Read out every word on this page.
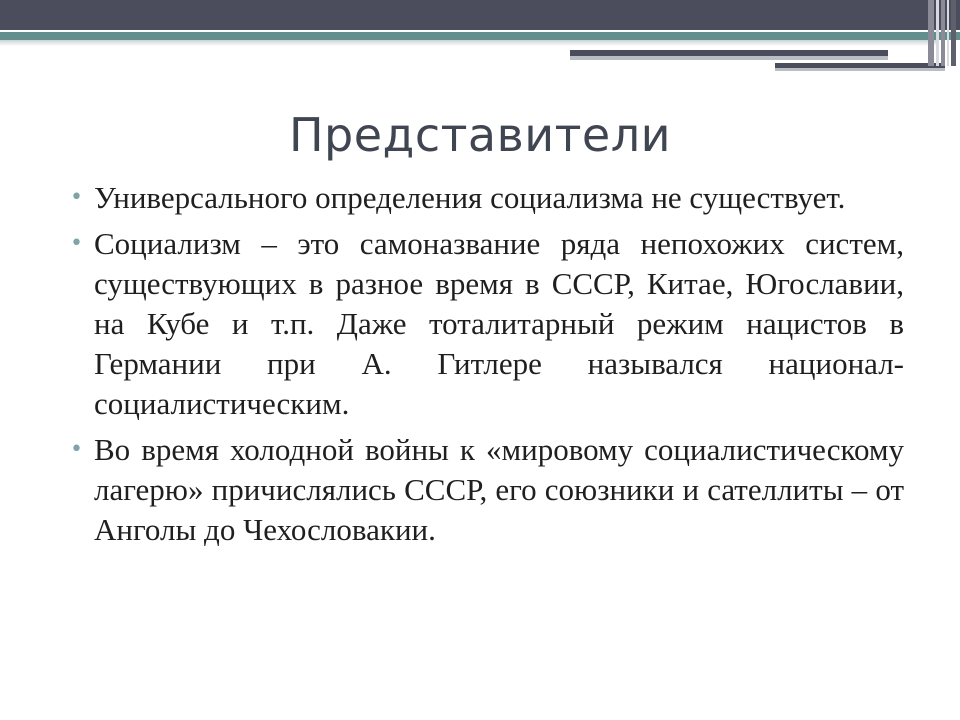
Представители
• Универсального определения социализма не существует.
• Социализм – это самоназвание ряда непохожих систем, существующих в разное время в СССР, Китае, Югославии, на Кубе и т.п. Даже тоталитарный режим нацистов в Германии при А. Гитлере назывался национал-социалистическим.
• Во время холодной войны к «мировому социалистическому лагерю» причислялись СССР, его союзники и сателлиты – от Анголы до Чехословакии.
